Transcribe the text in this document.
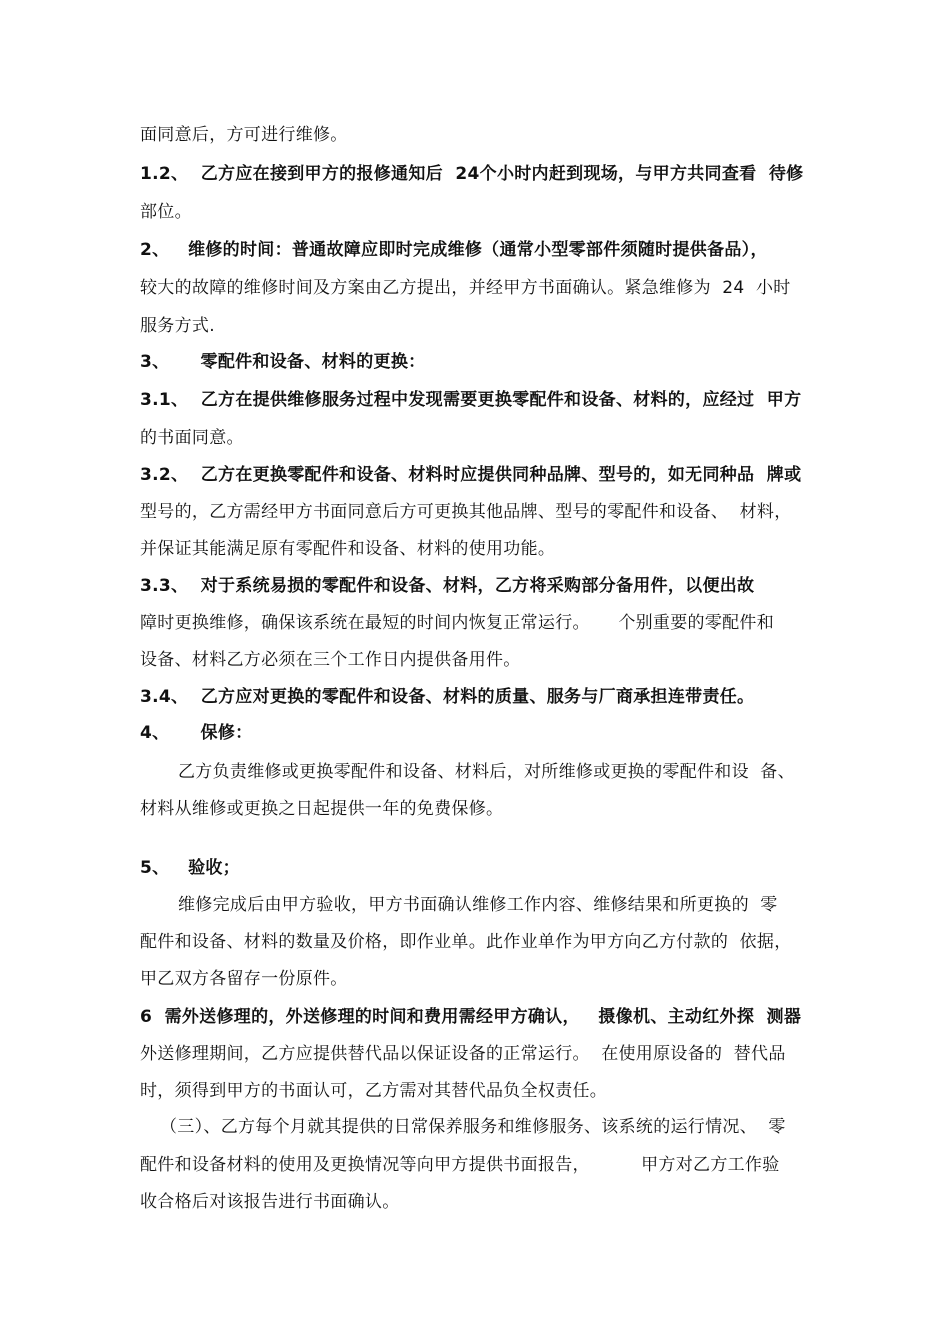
面同意后，方可进行维修。
1.2、  乙方应在接到甲方的报修通知后  24个小时内赶到现场，与甲方共同查看  待修
部位。
2、   维修的时间：普通故障应即时完成维修（通常小型零部件须随时提供备品），
较大的故障的维修时间及方案由乙方提出，并经甲方书面确认。紧急维修为  24  小时
服务方式.
3、     零配件和设备、材料的更换：
3.1、  乙方在提供维修服务过程中发现需要更换零配件和设备、材料的，应经过  甲方
的书面同意。
3.2、  乙方在更换零配件和设备、材料时应提供同种品牌、型号的，如无同种品  牌或
型号的，乙方需经甲方书面同意后方可更换其他品牌、型号的零配件和设备、  材料，
并保证其能满足原有零配件和设备、材料的使用功能。
3.3、  对于系统易损的零配件和设备、材料，乙方将采购部分备用件，以便出故
障时更换维修，确保该系统在最短的时间内恢复正常运行。     个别重要的零配件和
设备、材料乙方必须在三个工作日内提供备用件。
3.4、  乙方应对更换的零配件和设备、材料的质量、服务与厂商承担连带责任。
4、     保修：
乙方负责维修或更换零配件和设备、材料后，对所维修或更换的零配件和设  备、
材料从维修或更换之日起提供一年的免费保修。
5、   验收；
维修完成后由甲方验收，甲方书面确认维修工作内容、维修结果和所更换的  零
配件和设备、材料的数量及价格，即作业单。此作业单作为甲方向乙方付款的  依据，
甲乙双方各留存一份原件。
6  需外送修理的，外送修理的时间和费用需经甲方确认，   摄像机、主动红外探  测器
外送修理期间，乙方应提供替代品以保证设备的正常运行。  在使用原设备的  替代品
时，须得到甲方的书面认可，乙方需对其替代品负全权责任。
（三）、乙方每个月就其提供的日常保养服务和维修服务、该系统的运行情况、  零
配件和设备材料的使用及更换情况等向甲方提供书面报告，         甲方对乙方工作验
收合格后对该报告进行书面确认。
